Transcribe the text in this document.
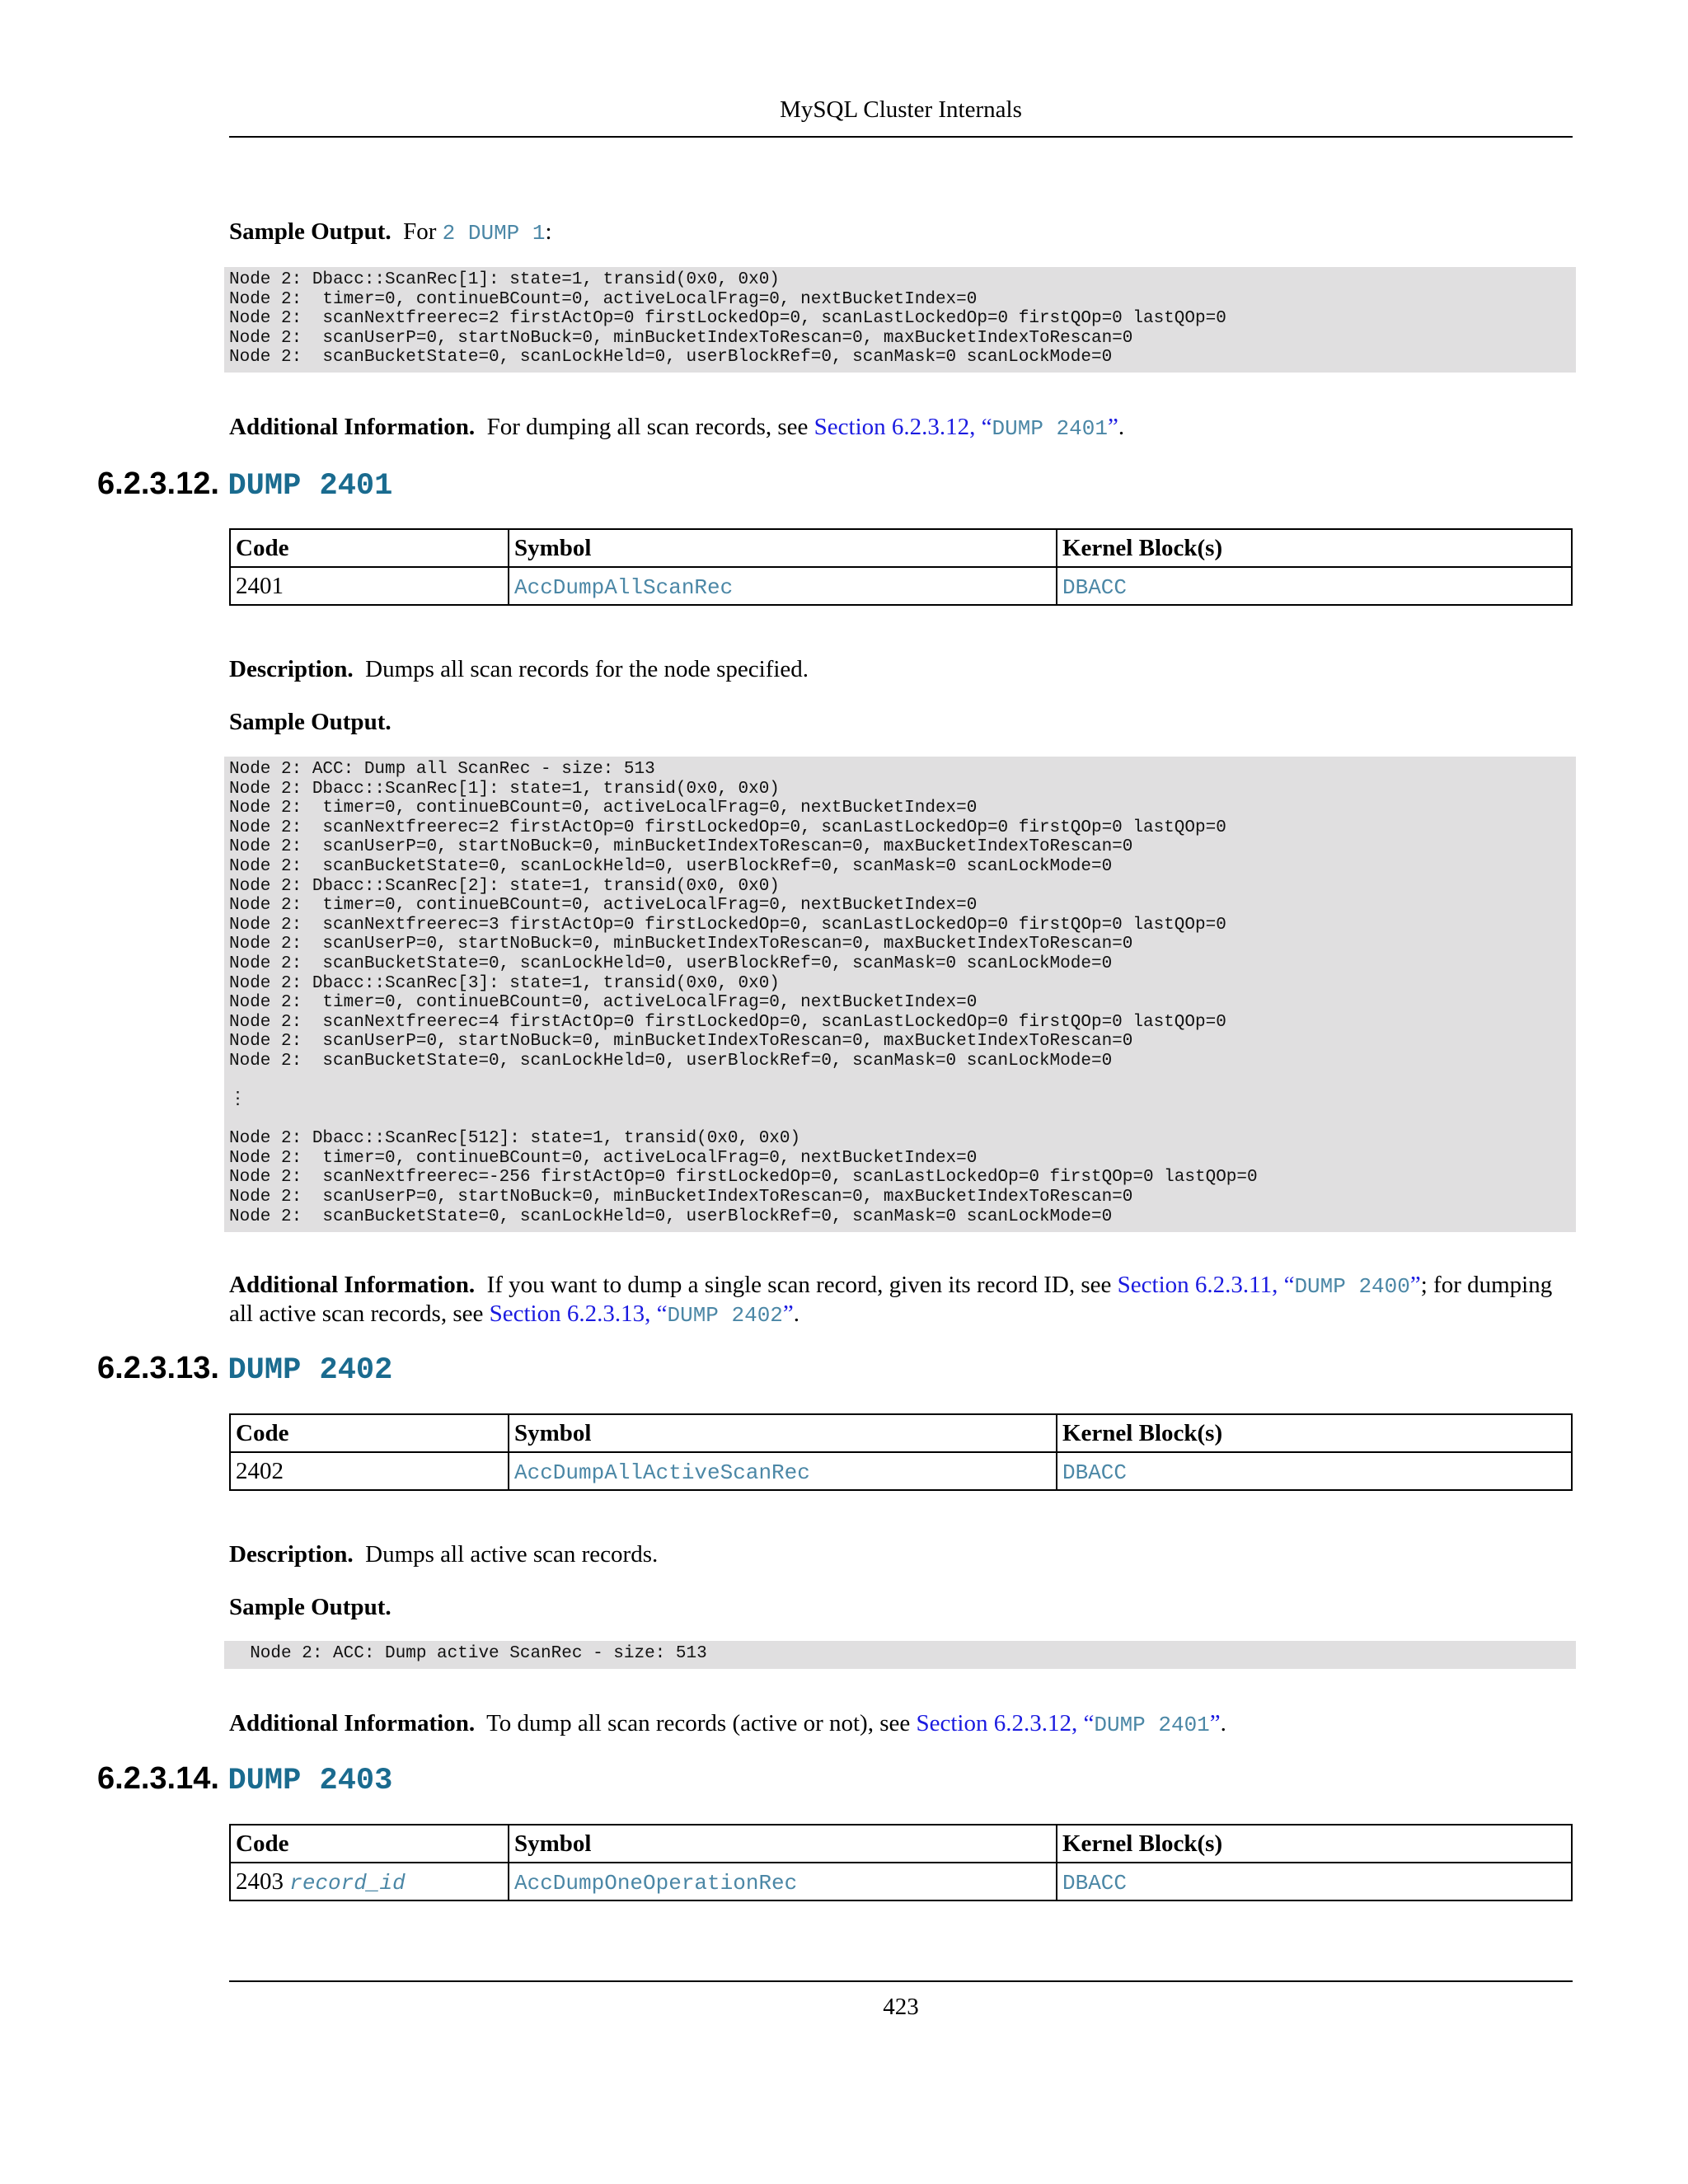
MySQL Cluster Internals
Sample Output. For 2 DUMP 1:
Node 2: Dbacc::ScanRec[1]: state=1, transid(0x0, 0x0)
Node 2:  timer=0, continueBCount=0, activeLocalFrag=0, nextBucketIndex=0
Node 2:  scanNextfreerec=2 firstActOp=0 firstLockedOp=0, scanLastLockedOp=0 firstQOp=0 lastQOp=0
Node 2:  scanUserP=0, startNoBuck=0, minBucketIndexToRescan=0, maxBucketIndexToRescan=0
Node 2:  scanBucketState=0, scanLockHeld=0, userBlockRef=0, scanMask=0 scanLockMode=0
Additional Information. For dumping all scan records, see Section 6.2.3.12, “DUMP 2401”.
6.2.3.12. DUMP 2401
Code	Symbol	Kernel Block(s)
2401	AccDumpAllScanRec	DBACC
Description. Dumps all scan records for the node specified.
Sample Output.
Node 2: ACC: Dump all ScanRec - size: 513
Node 2: Dbacc::ScanRec[1]: state=1, transid(0x0, 0x0)
Node 2:  timer=0, continueBCount=0, activeLocalFrag=0, nextBucketIndex=0
Node 2:  scanNextfreerec=2 firstActOp=0 firstLockedOp=0, scanLastLockedOp=0 firstQOp=0 lastQOp=0
Node 2:  scanUserP=0, startNoBuck=0, minBucketIndexToRescan=0, maxBucketIndexToRescan=0
Node 2:  scanBucketState=0, scanLockHeld=0, userBlockRef=0, scanMask=0 scanLockMode=0
Node 2: Dbacc::ScanRec[2]: state=1, transid(0x0, 0x0)
Node 2:  timer=0, continueBCount=0, activeLocalFrag=0, nextBucketIndex=0
Node 2:  scanNextfreerec=3 firstActOp=0 firstLockedOp=0, scanLastLockedOp=0 firstQOp=0 lastQOp=0
Node 2:  scanUserP=0, startNoBuck=0, minBucketIndexToRescan=0, maxBucketIndexToRescan=0
Node 2:  scanBucketState=0, scanLockHeld=0, userBlockRef=0, scanMask=0 scanLockMode=0
Node 2: Dbacc::ScanRec[3]: state=1, transid(0x0, 0x0)
Node 2:  timer=0, continueBCount=0, activeLocalFrag=0, nextBucketIndex=0
Node 2:  scanNextfreerec=4 firstActOp=0 firstLockedOp=0, scanLastLockedOp=0 firstQOp=0 lastQOp=0
Node 2:  scanUserP=0, startNoBuck=0, minBucketIndexToRescan=0, maxBucketIndexToRescan=0
Node 2:  scanBucketState=0, scanLockHeld=0, userBlockRef=0, scanMask=0 scanLockMode=0

⋮

Node 2: Dbacc::ScanRec[512]: state=1, transid(0x0, 0x0)
Node 2:  timer=0, continueBCount=0, activeLocalFrag=0, nextBucketIndex=0
Node 2:  scanNextfreerec=-256 firstActOp=0 firstLockedOp=0, scanLastLockedOp=0 firstQOp=0 lastQOp=0
Node 2:  scanUserP=0, startNoBuck=0, minBucketIndexToRescan=0, maxBucketIndexToRescan=0
Node 2:  scanBucketState=0, scanLockHeld=0, userBlockRef=0, scanMask=0 scanLockMode=0
Additional Information. If you want to dump a single scan record, given its record ID, see Section 6.2.3.11, “DUMP 2400”; for dumping all active scan records, see Section 6.2.3.13, “DUMP 2402”.
6.2.3.13. DUMP 2402
Code	Symbol	Kernel Block(s)
2402	AccDumpAllActiveScanRec	DBACC
Description. Dumps all active scan records.
Sample Output.
Node 2: ACC: Dump active ScanRec - size: 513
Additional Information. To dump all scan records (active or not), see Section 6.2.3.12, “DUMP 2401”.
6.2.3.14. DUMP 2403
Code	Symbol	Kernel Block(s)
2403 record_id	AccDumpOneOperationRec	DBACC
423
